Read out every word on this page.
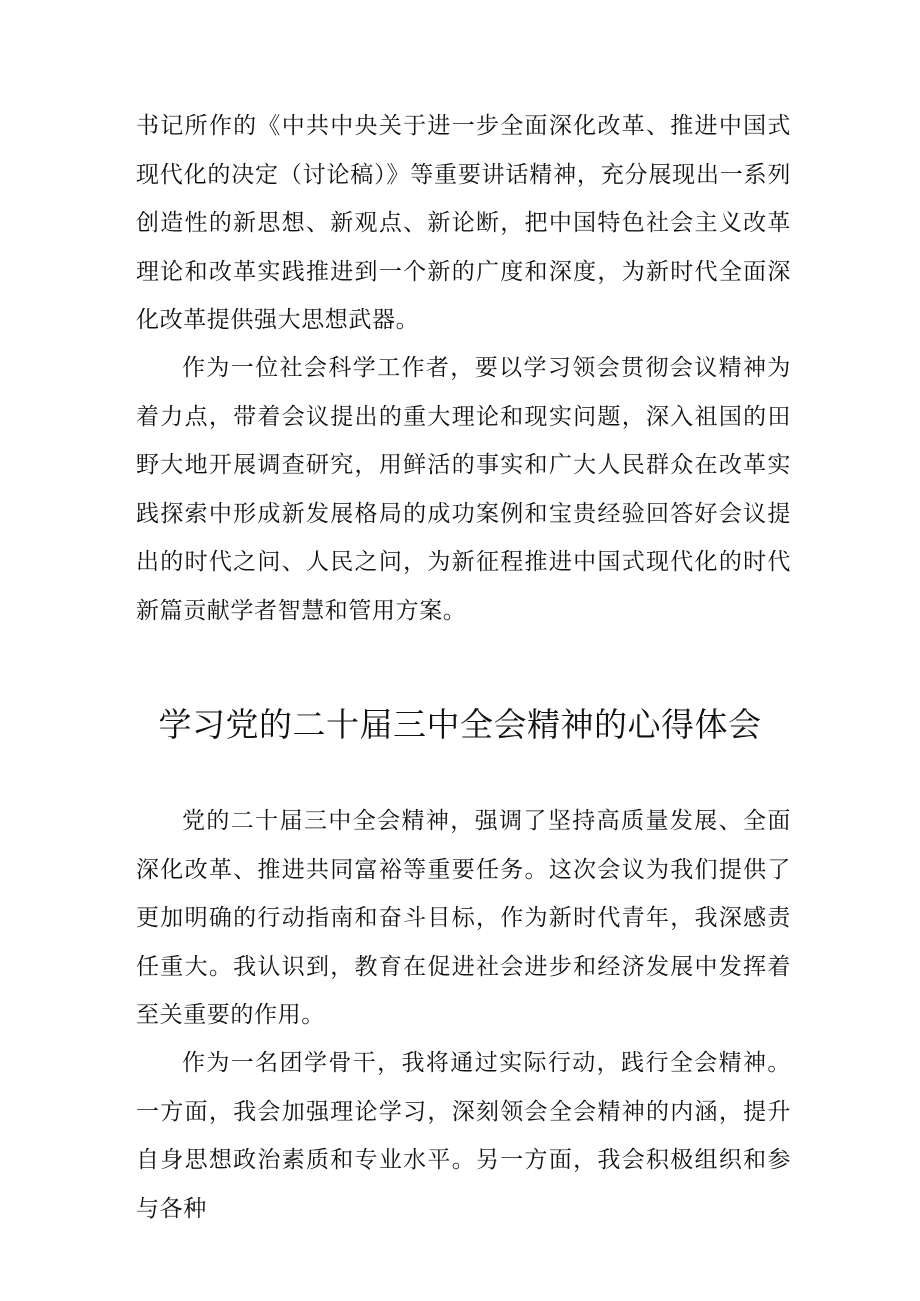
书记所作的《中共中央关于进一步全面深化改革、推进中国式现代化的决定（讨论稿）》等重要讲话精神，充分展现出一系列创造性的新思想、新观点、新论断，把中国特色社会主义改革理论和改革实践推进到一个新的广度和深度，为新时代全面深化改革提供强大思想武器。

作为一位社会科学工作者，要以学习领会贯彻会议精神为着力点，带着会议提出的重大理论和现实问题，深入祖国的田野大地开展调查研究，用鲜活的事实和广大人民群众在改革实践探索中形成新发展格局的成功案例和宝贵经验回答好会议提出的时代之问、人民之问，为新征程推进中国式现代化的时代新篇贡献学者智慧和管用方案。

学习党的二十届三中全会精神的心得体会

党的二十届三中全会精神，强调了坚持高质量发展、全面深化改革、推进共同富裕等重要任务。这次会议为我们提供了更加明确的行动指南和奋斗目标，作为新时代青年，我深感责任重大。我认识到，教育在促进社会进步和经济发展中发挥着至关重要的作用。

作为一名团学骨干，我将通过实际行动，践行全会精神。一方面，我会加强理论学习，深刻领会全会精神的内涵，提升自身思想政治素质和专业水平。另一方面，我会积极组织和参与各种
